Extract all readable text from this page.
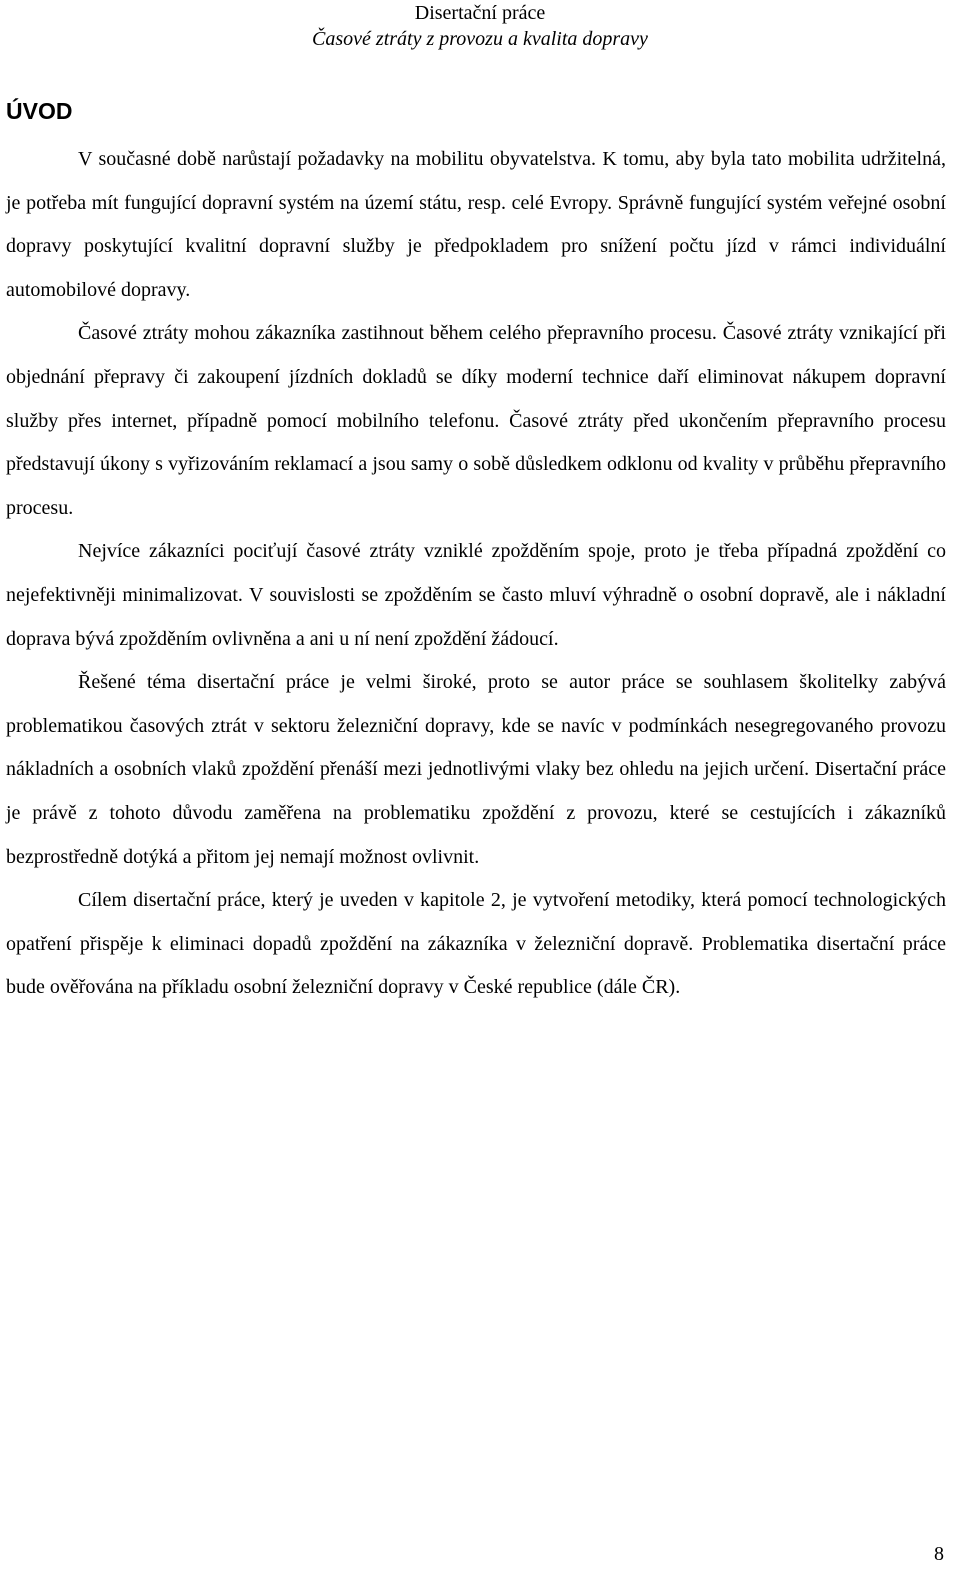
Disertační práce
Časové ztráty z provozu a kvalita dopravy
ÚVOD

V současné době narůstají požadavky na mobilitu obyvatelstva. K tomu, aby byla tato mobilita udržitelná, je potřeba mít fungující dopravní systém na území státu, resp. celé Evropy. Správně fungující systém veřejné osobní dopravy poskytující kvalitní dopravní služby je předpokladem pro snížení počtu jízd v rámci individuální automobilové dopravy.

Časové ztráty mohou zákazníka zastihnout během celého přepravního procesu. Časové ztráty vznikající při objednání přepravy či zakoupení jízdních dokladů se díky moderní technice daří eliminovat nákupem dopravní služby přes internet, případně pomocí mobilního telefonu. Časové ztráty před ukončením přepravního procesu představují úkony s vyřizováním reklamací a jsou samy o sobě důsledkem odklonu od kvality v průběhu přepravního procesu.

Nejvíce zákazníci pociťují časové ztráty vzniklé zpožděním spoje, proto je třeba případná zpoždění co nejefektivněji minimalizovat. V souvislosti se zpožděním se často mluví výhradně o osobní dopravě, ale i nákladní doprava bývá zpožděním ovlivněna a ani u ní není zpoždění žádoucí.

Řešené téma disertační práce je velmi široké, proto se autor práce se souhlasem školitelky zabývá problematikou časových ztrát v sektoru železniční dopravy, kde se navíc v podmínkách nesegregovaného provozu nákladních a osobních vlaků zpoždění přenáší mezi jednotlivými vlaky bez ohledu na jejich určení. Disertační práce je právě z tohoto důvodu zaměřena na problematiku zpoždění z provozu, které se cestujících i zákazníků bezprostředně dotýká a přitom jej nemají možnost ovlivnit.

Cílem disertační práce, který je uveden v kapitole 2, je vytvoření metodiky, která pomocí technologických opatření přispěje k eliminaci dopadů zpoždění na zákazníka v železniční dopravě. Problematika disertační práce bude ověřována na příkladu osobní železniční dopravy v České republice (dále ČR).

8
